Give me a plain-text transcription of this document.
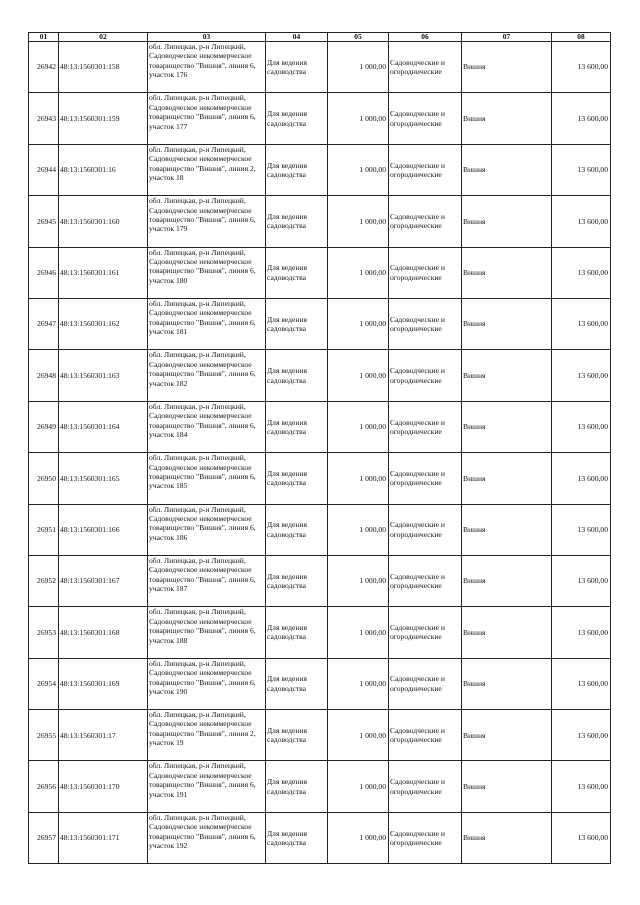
01	02	03	04	05	06	07	08
26942	48:13:1560301:158	обл. Липецкая, р-н Липецкий, Садоводческое некоммерческое товарищество "Вишня", линия 6, участок 176	Для ведения садоводства	1 000,00	Садоводческие и огороднические	Вишня	13 600,00
26943	48:13:1560301:159	обл. Липецкая, р-н Липецкий, Садоводческое некоммерческое товарищество "Вишня", линия 6, участок 177	Для ведения садоводства	1 000,00	Садоводческие и огороднические	Вишня	13 600,00
26944	48:13:1560301:16	обл. Липецкая, р-н Липецкий, Садоводческое некоммерческое товарищество "Вишня", линия 2, участок 18	Для ведения садоводства	1 000,00	Садоводческие и огороднические	Вишня	13 600,00
26945	48:13:1560301:160	обл. Липецкая, р-н Липецкий, Садоводческое некоммерческое товарищество "Вишня", линия 6, участок 179	Для ведения садоводства	1 000,00	Садоводческие и огороднические	Вишня	13 600,00
26946	48:13:1560301:161	обл. Липецкая, р-н Липецкий, Садоводческое некоммерческое товарищество "Вишня", линия 6, участок 180	Для ведения садоводства	1 000,00	Садоводческие и огороднические	Вишня	13 600,00
26947	48:13:1560301:162	обл. Липецкая, р-н Липецкий, Садоводческое некоммерческое товарищество "Вишня", линия 6, участок 181	Для ведения садоводства	1 000,00	Садоводческие и огороднические	Вишня	13 600,00
26948	48:13:1560301:163	обл. Липецкая, р-н Липецкий, Садоводческое некоммерческое товарищество "Вишня", линия 6, участок 182	Для ведения садоводства	1 000,00	Садоводческие и огороднические	Вишня	13 600,00
26949	48:13:1560301:164	обл. Липецкая, р-н Липецкий, Садоводческое некоммерческое товарищество "Вишня", линия 6, участок 184	Для ведения садоводства	1 000,00	Садоводческие и огороднические	Вишня	13 600,00
26950	48:13:1560301:165	обл. Липецкая, р-н Липецкий, Садоводческое некоммерческое товарищество "Вишня", линия 6, участок 185	Для ведения садоводства	1 000,00	Садоводческие и огороднические	Вишня	13 600,00
26951	48:13:1560301:166	обл. Липецкая, р-н Липецкий, Садоводческое некоммерческое товарищество "Вишня", линия 6, участок 186	Для ведения садоводства	1 000,00	Садоводческие и огороднические	Вишня	13 600,00
26952	48:13:1560301:167	обл. Липецкая, р-н Липецкий, Садоводческое некоммерческое товарищество "Вишня", линия 6, участок 187	Для ведения садоводства	1 000,00	Садоводческие и огороднические	Вишня	13 600,00
26953	48:13:1560301:168	обл. Липецкая, р-н Липецкий, Садоводческое некоммерческое товарищество "Вишня", линия 6, участок 188	Для ведения садоводства	1 000,00	Садоводческие и огороднические	Вишня	13 600,00
26954	48:13:1560301:169	обл. Липецкая, р-н Липецкий, Садоводческое некоммерческое товарищество "Вишня", линия 6, участок 190	Для ведения садоводства	1 000,00	Садоводческие и огороднические	Вишня	13 600,00
26955	48:13:1560301:17	обл. Липецкая, р-н Липецкий, Садоводческое некоммерческое товарищество "Вишня", линия 2, участок 19	Для ведения садоводства	1 000,00	Садоводческие и огороднические	Вишня	13 600,00
26956	48:13:1560301:170	обл. Липецкая, р-н Липецкий, Садоводческое некоммерческое товарищество "Вишня", линия 6, участок 191	Для ведения садоводства	1 000,00	Садоводческие и огороднические	Вишня	13 600,00
26957	48:13:1560301:171	обл. Липецкая, р-н Липецкий, Садоводческое некоммерческое товарищество "Вишня", линия 6, участок 192	Для ведения садоводства	1 000,00	Садоводческие и огороднические	Вишня	13 600,00
